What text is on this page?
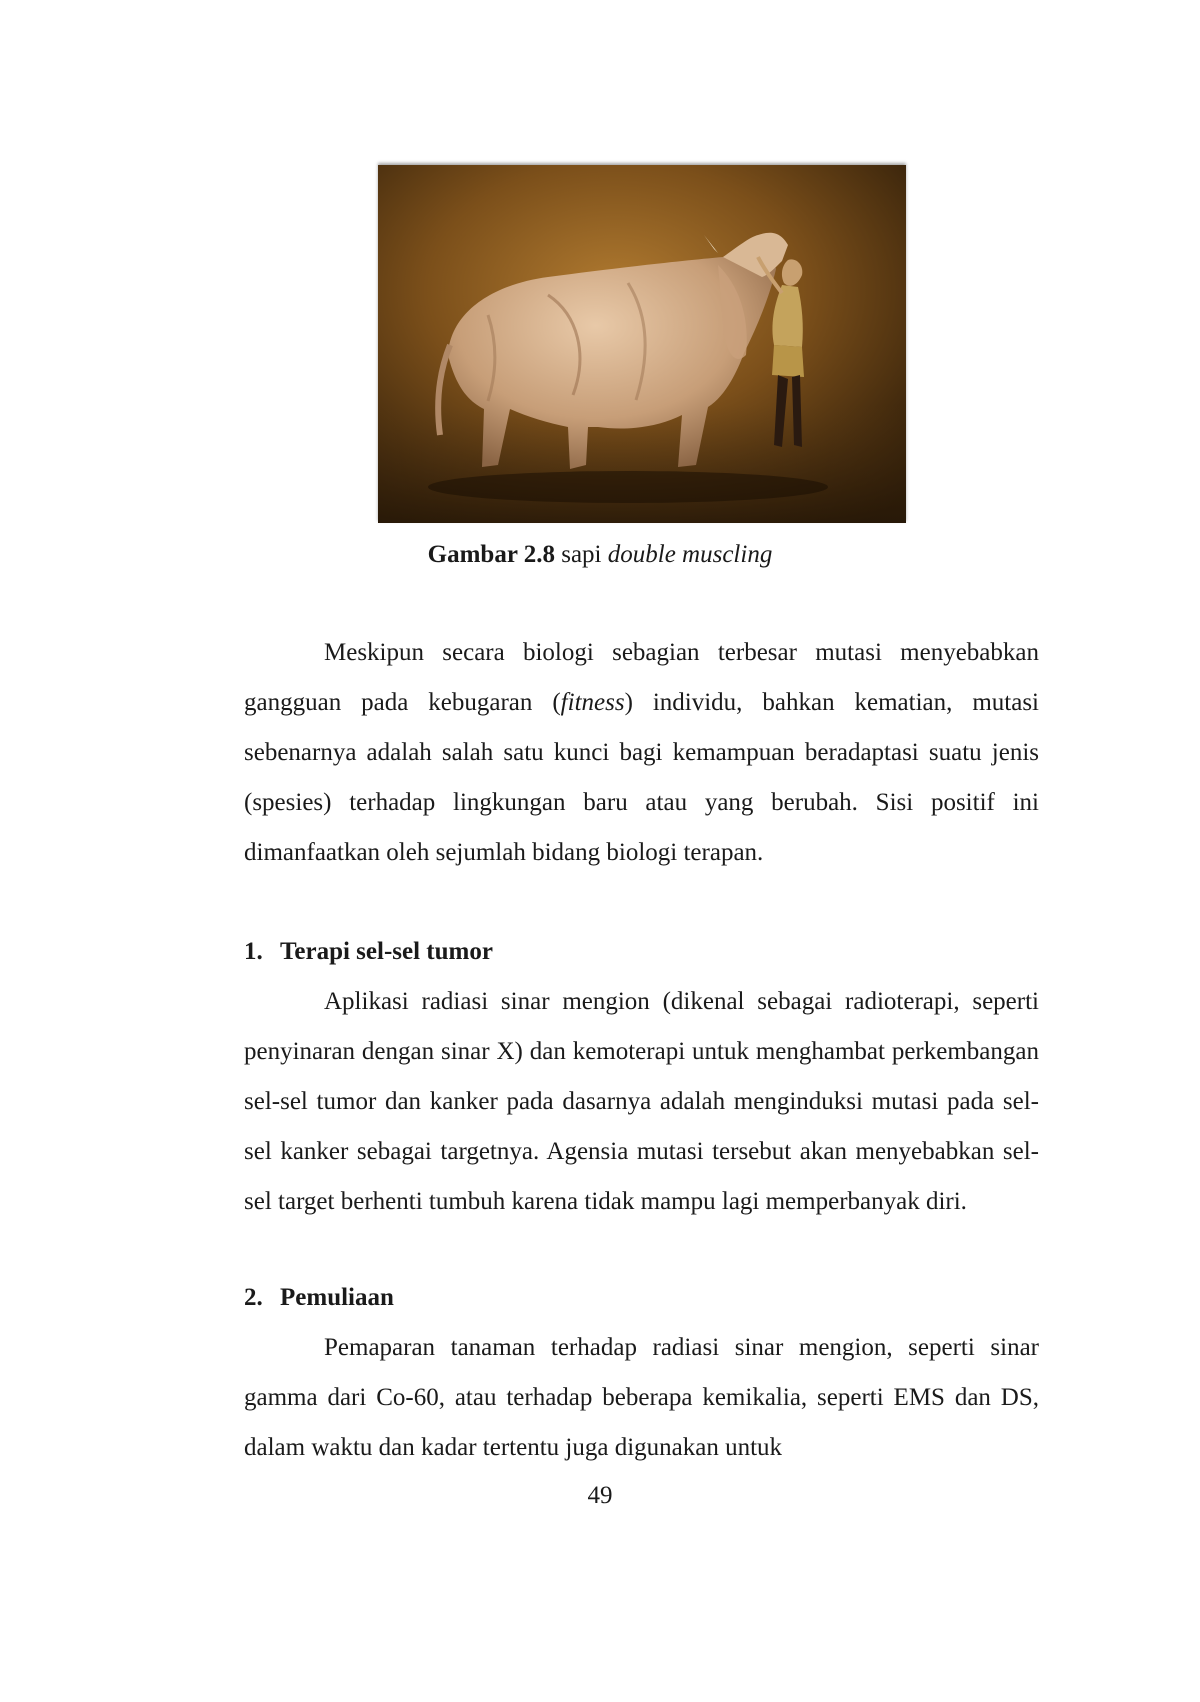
Gambar 2.8 sapi double muscling
Meskipun secara biologi sebagian terbesar mutasi menyebabkan gangguan pada kebugaran (fitness) individu, bahkan kematian, mutasi sebenarnya adalah salah satu kunci bagi kemampuan beradaptasi suatu jenis (spesies) terhadap lingkungan baru atau yang berubah. Sisi positif ini dimanfaatkan oleh sejumlah bidang biologi terapan.
1. Terapi sel-sel tumor
Aplikasi radiasi sinar mengion (dikenal sebagai radioterapi, seperti penyinaran dengan sinar X) dan kemoterapi untuk menghambat perkembangan sel-sel tumor dan kanker pada dasarnya adalah menginduksi mutasi pada sel-sel kanker sebagai targetnya. Agensia mutasi tersebut akan menyebabkan sel-sel target berhenti tumbuh karena tidak mampu lagi memperbanyak diri.
2. Pemuliaan
Pemaparan tanaman terhadap radiasi sinar mengion, seperti sinar gamma dari Co-60, atau terhadap beberapa kemikalia, seperti EMS dan DS, dalam waktu dan kadar tertentu juga digunakan untuk
49
